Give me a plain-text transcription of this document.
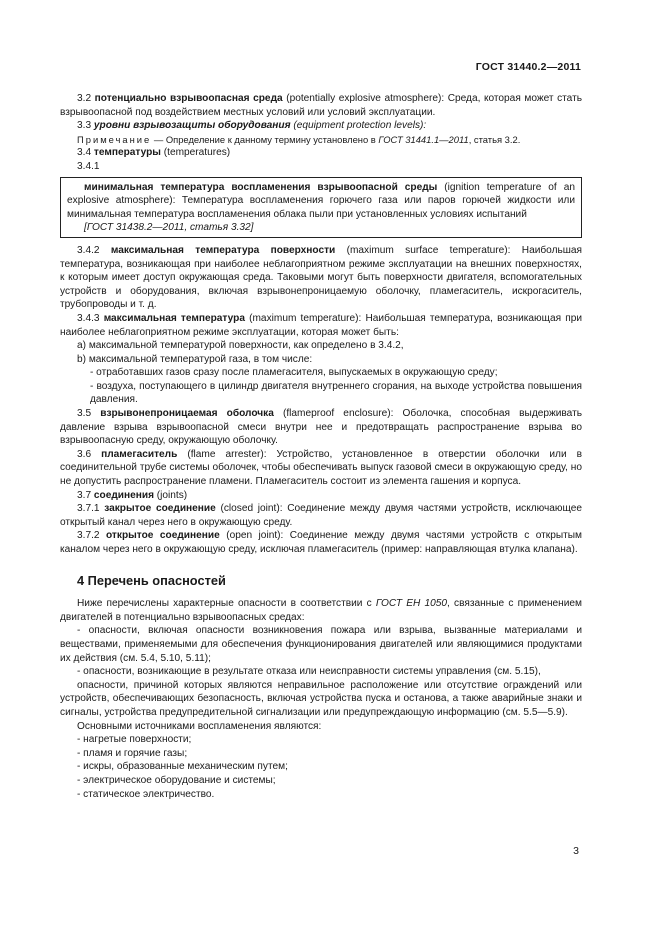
ГОСТ 31440.2—2011

3.2 потенциально взрывоопасная среда (potentially explosive atmosphere): Среда, которая может стать взрывоопасной под воздействием местных условий или условий эксплуатации.

3.3 уровни взрывозащиты оборудования (equipment protection levels):

Примечание — Определение к данному термину установлено в ГОСТ 31441.1—2011, статья 3.2.

3.4 температуры (temperatures)

3.4.1

минимальная температура воспламенения взрывоопасной среды (ignition temperature of an explosive atmosphere): Температура воспламенения горючего газа или паров горючей жидкости или минимальная температура воспламенения облака пыли при установленных условиях испытаний

[ГОСТ 31438.2—2011, статья 3.32]

3.4.2 максимальная температура поверхности (maximum surface temperature): Наибольшая температура, возникающая при наиболее неблагоприятном режиме эксплуатации на внешних поверхностях, к которым имеет доступ окружающая среда. Таковыми могут быть поверхности двигателя, вспомогательных устройств и оборудования, включая взрывонепроницаемую оболочку, пламегаситель, искрогаситель, трубопроводы и т. д.

3.4.3 максимальная температура (maximum temperature): Наибольшая температура, возникающая при наиболее неблагоприятном режиме эксплуатации, которая может быть:

а) максимальной температурой поверхности, как определено в 3.4.2,

b) максимальной температурой газа, в том числе:

- отработавших газов сразу после пламегасителя, выпускаемых в окружающую среду;

- воздуха, поступающего в цилиндр двигателя внутреннего сгорания, на выходе устройства повышения давления.

3.5 взрывонепроницаемая оболочка (flameproof enclosure): Оболочка, способная выдерживать давление взрыва взрывоопасной смеси внутри нее и предотвращать распространение взрыва во взрывоопасную среду, окружающую оболочку.

3.6 пламегаситель (flame arrester): Устройство, установленное в отверстии оболочки или в соединительной трубе системы оболочек, чтобы обеспечивать выпуск газовой смеси в окружающую среду, но не допустить распространение пламени. Пламегаситель состоит из элемента гашения и корпуса.

3.7 соединения (joints)

3.7.1 закрытое соединение (closed joint): Соединение между двумя частями устройств, исключающее открытый канал через него в окружающую среду.

3.7.2 открытое соединение (open joint): Соединение между двумя частями устройств с открытым каналом через него в окружающую среду, исключая пламегаситель (пример: направляющая втулка клапана).

4 Перечень опасностей

Ниже перечислены характерные опасности в соответствии с ГОСТ ЕН 1050, связанные с применением двигателей в потенциально взрывоопасных средах:

- опасности, включая опасности возникновения пожара или взрыва, вызванные материалами и веществами, применяемыми для обеспечения функционирования двигателей или являющимися продуктами их действия (см. 5.4, 5.10, 5.11);

- опасности, возникающие в результате отказа или неисправности системы управления (см. 5.15),

опасности, причиной которых являются неправильное расположение или отсутствие ограждений или устройств, обеспечивающих безопасность, включая устройства пуска и останова, а также аварийные знаки и сигналы, устройства предупредительной сигнализации или предупреждающую информацию (см. 5.5—5.9).

Основными источниками воспламенения являются:

- нагретые поверхности;

- пламя и горячие газы;

- искры, образованные механическим путем;

- электрическое оборудование и системы;

- статическое электричество.

3
